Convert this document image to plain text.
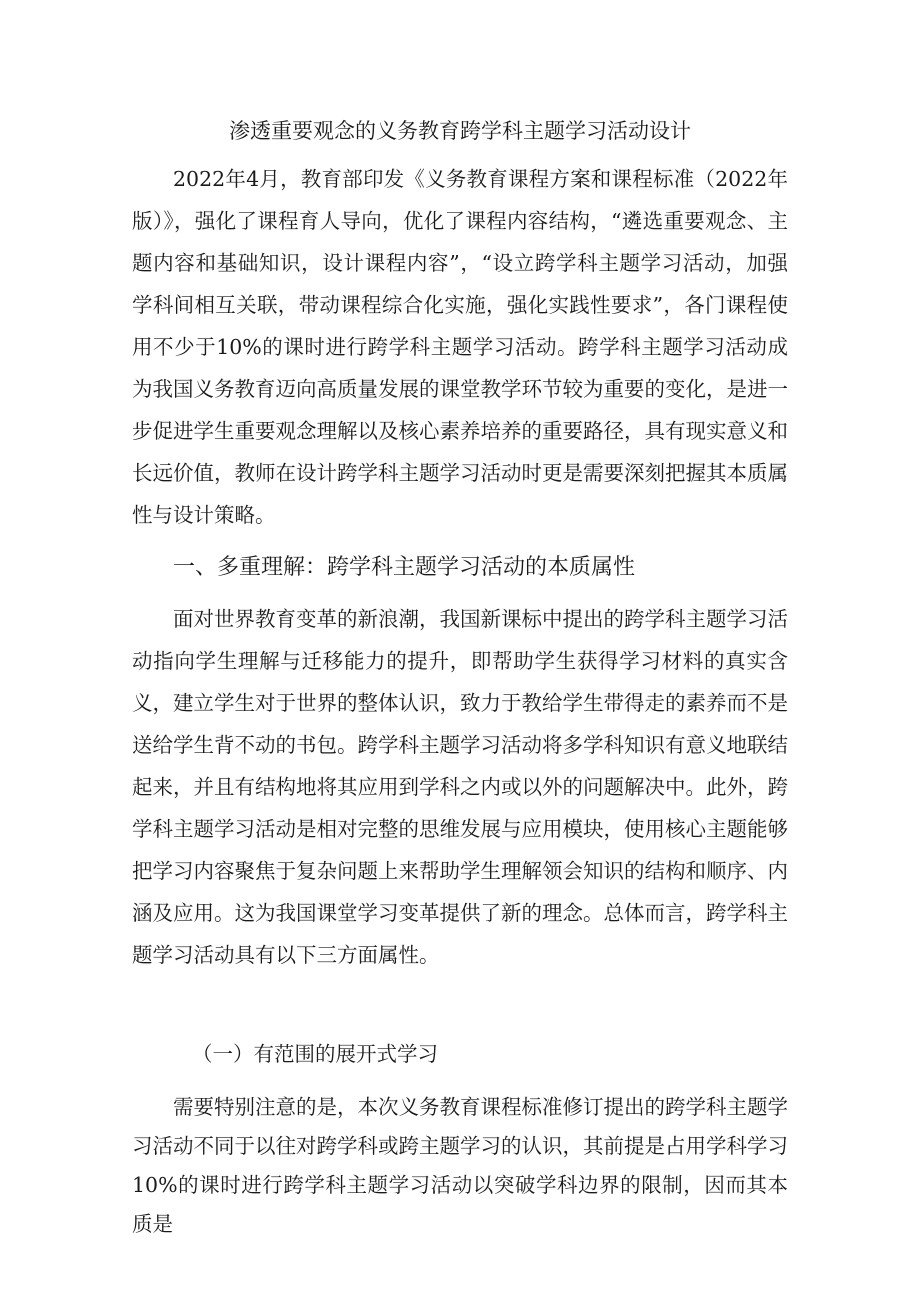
渗透重要观念的义务教育跨学科主题学习活动设计

2022年4月，教育部印发《义务教育课程方案和课程标准（2022年版）》，强化了课程育人导向，优化了课程内容结构，“遴选重要观念、主题内容和基础知识，设计课程内容”，“设立跨学科主题学习活动，加强学科间相互关联，带动课程综合化实施，强化实践性要求”，各门课程使用不少于10%的课时进行跨学科主题学习活动。跨学科主题学习活动成为我国义务教育迈向高质量发展的课堂教学环节较为重要的变化，是进一步促进学生重要观念理解以及核心素养培养的重要路径，具有现实意义和长远价值，教师在设计跨学科主题学习活动时更是需要深刻把握其本质属性与设计策略。

一、多重理解：跨学科主题学习活动的本质属性

面对世界教育变革的新浪潮，我国新课标中提出的跨学科主题学习活动指向学生理解与迁移能力的提升，即帮助学生获得学习材料的真实含义，建立学生对于世界的整体认识，致力于教给学生带得走的素养而不是送给学生背不动的书包。跨学科主题学习活动将多学科知识有意义地联结起来，并且有结构地将其应用到学科之内或以外的问题解决中。此外，跨学科主题学习活动是相对完整的思维发展与应用模块，使用核心主题能够把学习内容聚焦于复杂问题上来帮助学生理解领会知识的结构和顺序、内涵及应用。这为我国课堂学习变革提供了新的理念。总体而言，跨学科主题学习活动具有以下三方面属性。

（一）有范围的展开式学习

需要特别注意的是，本次义务教育课程标准修订提出的跨学科主题学习活动不同于以往对跨学科或跨主题学习的认识，其前提是占用学科学习10%的课时进行跨学科主题学习活动以突破学科边界的限制，因而其本质是
